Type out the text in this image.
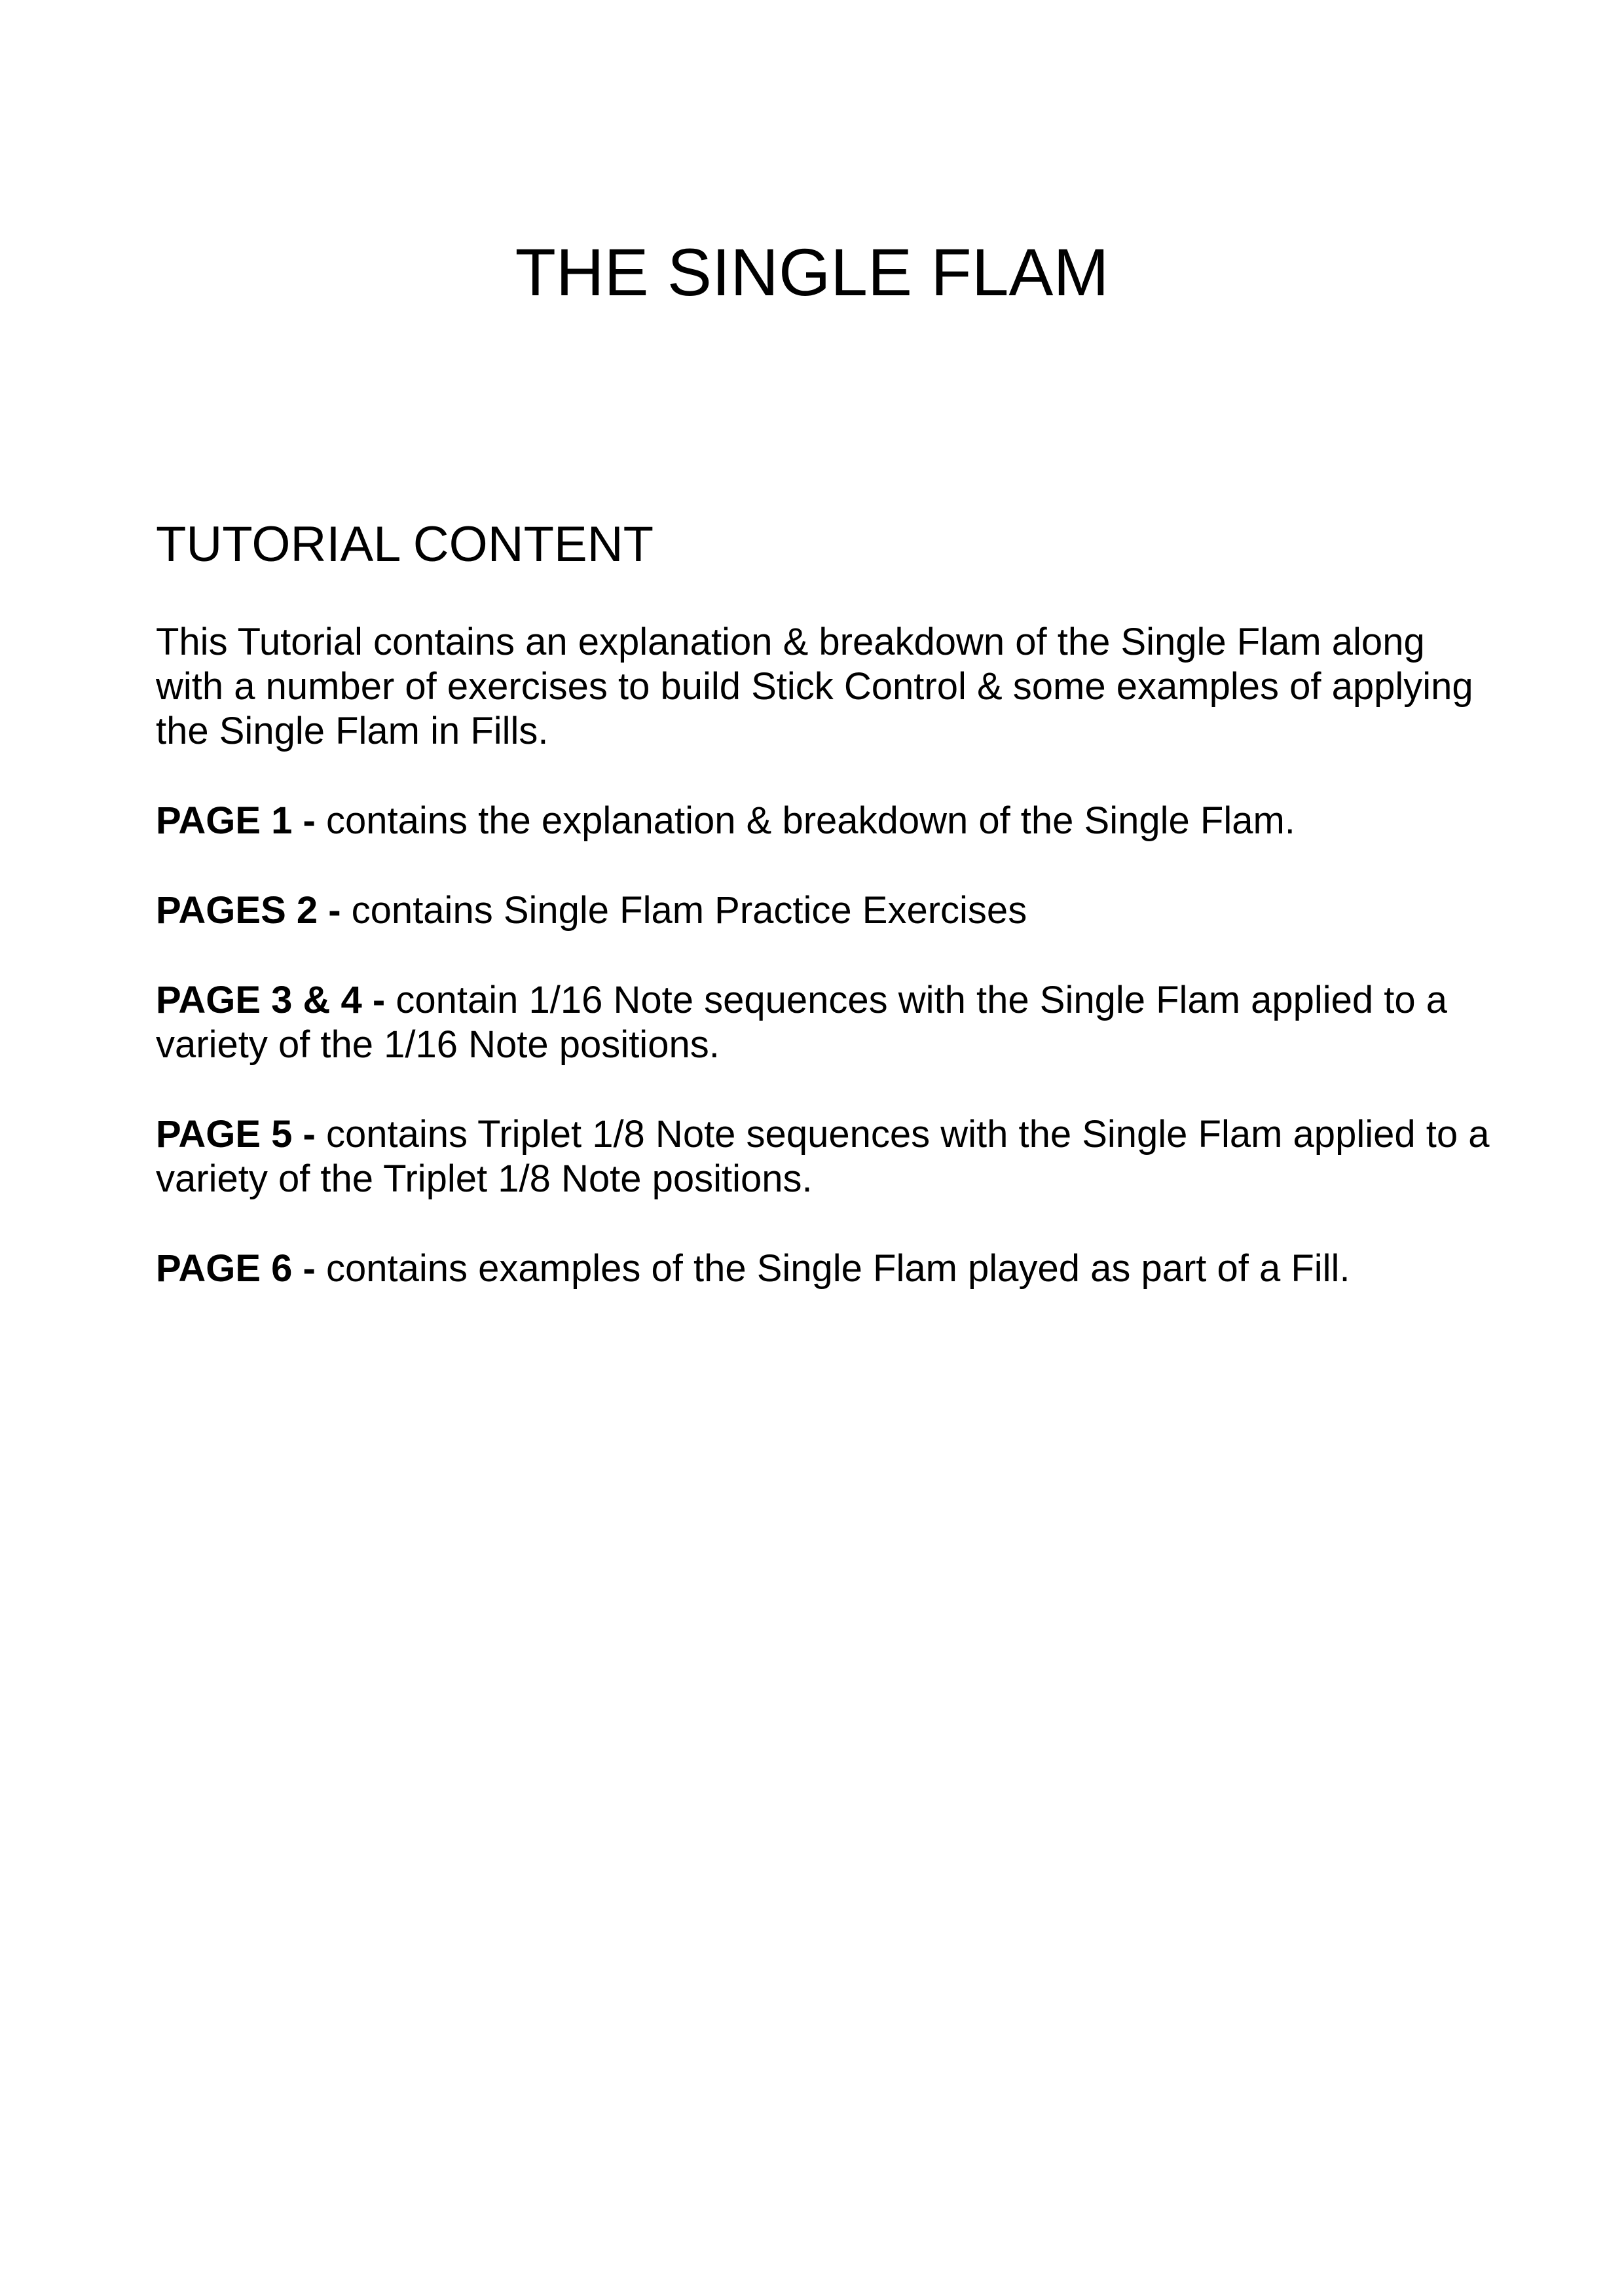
THE SINGLE FLAM
TUTORIAL CONTENT

This Tutorial contains an explanation & breakdown of the Single Flam along with a number of exercises to build Stick Control & some examples of applying the Single Flam in Fills.

PAGE 1 - contains the explanation & breakdown of the Single Flam.

PAGES 2 - contains Single Flam Practice Exercises

PAGE 3 & 4 - contain 1/16 Note sequences with the Single Flam applied to a variety of the 1/16 Note positions.

PAGE 5 - contains Triplet 1/8 Note sequences with the Single Flam applied to a variety of the Triplet 1/8 Note positions.

PAGE 6 - contains examples of the Single Flam played as part of a Fill.
